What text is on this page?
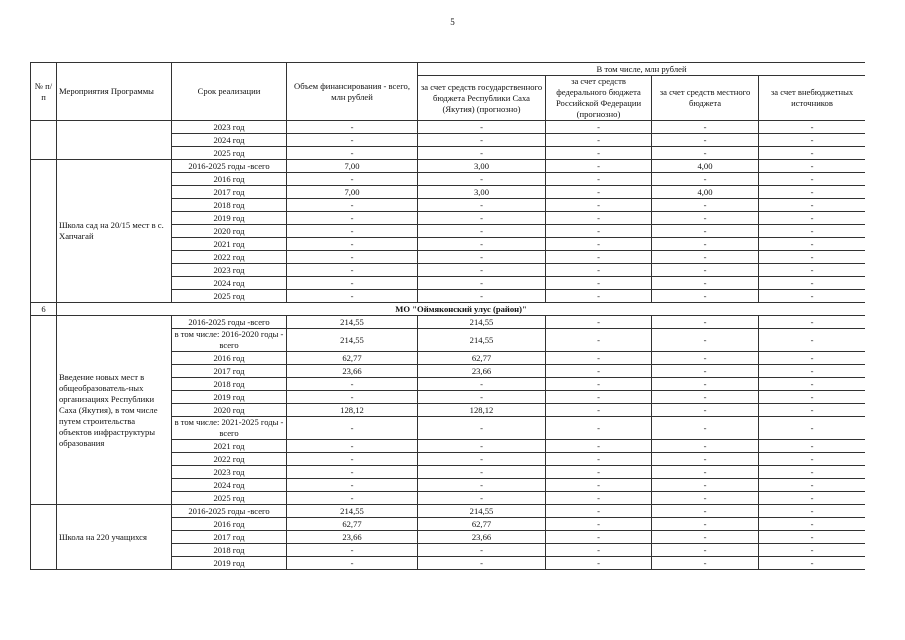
5
№ п/п	Мероприятия Программы	Срок реализации	Объем финансирования - всего, млн рублей	В том числе, млн рублей			
				за счет средств государственного бюджета Республики Саха (Якутия) (прогнозно)	за счет средств федерального бюджета Российской Федерации (прогнозно)	за счет средств местного бюджета	за счет внебюджетных источников
		2023 год	-	-	-	-	-
		2024 год	-	-	-	-	-
		2025 год	-	-	-	-	-
	Школа сад на 20/15 мест в с. Хапчагай	2016-2025 годы -всего	7,00	3,00	-	4,00	-
		2016 год	-	-	-	-	-
		2017 год	7,00	3,00	-	4,00	-
		2018 год	-	-	-	-	-
		2019 год	-	-	-	-	-
		2020 год	-	-	-	-	-
		2021 год	-	-	-	-	-
		2022 год	-	-	-	-	-
		2023 год	-	-	-	-	-
		2024 год	-	-	-	-	-
		2025 год	-	-	-	-	-
6	МО "Оймяконский улус (район)"						
	Введение новых мест в общеобразователь-ных организациях Республики Саха (Якутия), в том числе путем строительства объектов инфраструктуры образования	2016-2025 годы -всего	214,55	214,55	-	-	-
		в том числе: 2016-2020 годы - всего	214,55	214,55	-	-	-
		2016 год	62,77	62,77	-	-	-
		2017 год	23,66	23,66	-	-	-
		2018 год	-	-	-	-	-
		2019 год	-	-	-	-	-
		2020 год	128,12	128,12	-	-	-
		в том числе: 2021-2025 годы - всего	-	-	-	-	-
		2021 год	-	-	-	-	-
		2022 год	-	-	-	-	-
		2023 год	-	-	-	-	-
		2024 год	-	-	-	-	-
		2025 год	-	-	-	-	-
	Школа на 220 учащихся	2016-2025 годы -всего	214,55	214,55	-	-	-
		2016 год	62,77	62,77	-	-	-
		2017 год	23,66	23,66	-	-	-
		2018 год	-	-	-	-	-
		2019 год	-	-	-	-	-
